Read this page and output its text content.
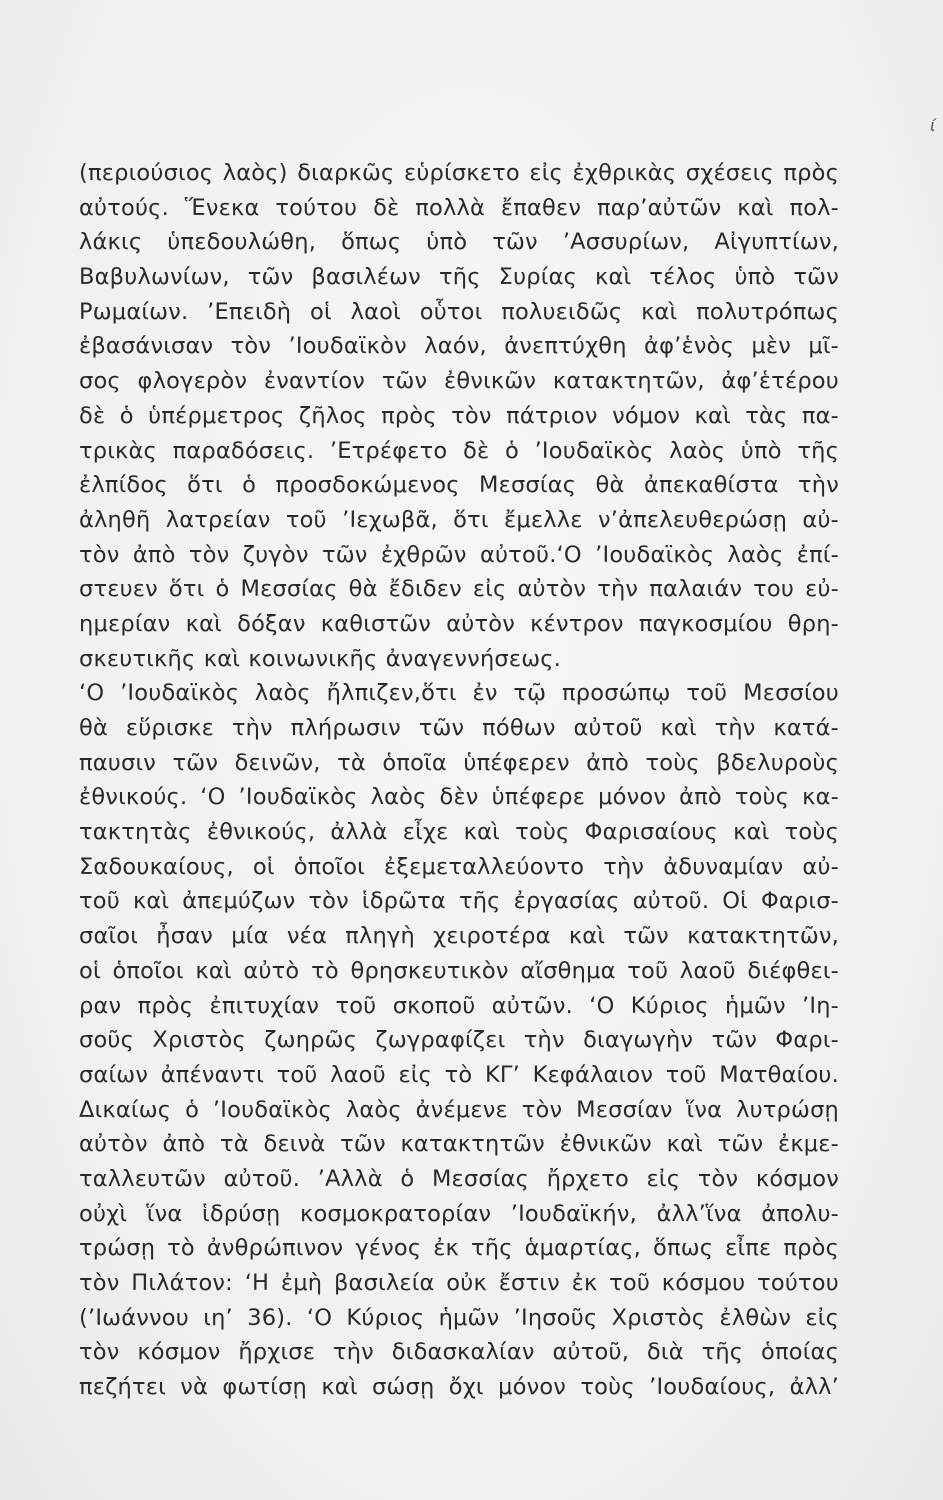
ί
(περιούσιος λαὸς) διαρκῶς εὑρίσκετο εἰς ἐχθρικὰς σχέσεις πρὸς
αὐτούς. Ἕνεκα τούτου δὲ πολλὰ ἔπαθεν παρ’αὐτῶν καὶ πολ-
λάκις ὑπεδουλώθη, ὅπως ὑπὸ τῶν ’Ασσυρίων, Αἰγυπτίων,
Βαβυλωνίων, τῶν βασιλέων τῆς Συρίας καὶ τέλος ὑπὸ τῶν
Ρωμαίων. ’Επειδὴ οἱ λαοὶ οὗτοι πολυειδῶς καὶ πολυτρόπως
ἐβασάνισαν τὸν ’Ιουδαϊκὸν λαόν, ἀνεπτύχθη ἀφ’ἑνὸς μὲν μῖ-
σος φλογερὸν ἐναντίον τῶν ἐθνικῶν κατακτητῶν, ἀφ’ἑτέρου
δὲ ὁ ὑπέρμετρος ζῆλος πρὸς τὸν πάτριον νόμον καὶ τὰς πα-
τρικὰς παραδόσεις. ’Ετρέφετο δὲ ὁ ’Ιουδαϊκὸς λαὸς ὑπὸ τῆς
ἐλπίδος ὅτι ὁ προσδοκώμενος Μεσσίας θὰ ἀπεκαθίστα τὴν
ἀληθῆ λατρείαν τοῦ ’Ιεχωβᾶ, ὅτι ἔμελλε ν’ἀπελευθερώσῃ αὐ-
τὸν ἀπὸ τὸν ζυγὸν τῶν ἐχθρῶν αὐτοῦ.‘Ο ’Ιουδαϊκὸς λαὸς ἐπί-
στευεν ὅτι ὁ Μεσσίας θὰ ἔδιδεν εἰς αὐτὸν τὴν παλαιάν του εὐ-
ημερίαν καὶ δόξαν καθιστῶν αὐτὸν κέντρον παγκοσμίου θρη-
σκευτικῆς καὶ κοινωνικῆς ἀναγεννήσεως.
‘Ο ’Ιουδαϊκὸς λαὸς ἤλπιζεν,ὅτι ἐν τῷ προσώπῳ τοῦ Μεσσίου
θὰ εὕρισκε τὴν πλήρωσιν τῶν πόθων αὐτοῦ καὶ τὴν κατά-
παυσιν τῶν δεινῶν, τὰ ὁποῖα ὑπέφερεν ἀπὸ τοὺς βδελυροὺς
ἐθνικούς. ‘Ο ’Ιουδαϊκὸς λαὸς δὲν ὑπέφερε μόνον ἀπὸ τοὺς κα-
τακτητὰς ἐθνικούς, ἀλλὰ εἶχε καὶ τοὺς Φαρισαίους καὶ τοὺς
Σαδουκαίους, οἱ ὁποῖοι ἐξεμεταλλεύοντο τὴν ἀδυναμίαν αὐ-
τοῦ καὶ ἀπεμύζων τὸν ἱδρῶτα τῆς ἐργασίας αὐτοῦ. Οἱ Φαρισ-
σαῖοι ἦσαν μία νέα πληγὴ χειροτέρα καὶ τῶν κατακτητῶν,
οἱ ὁποῖοι καὶ αὐτὸ τὸ θρησκευτικὸν αἴσθημα τοῦ λαοῦ διέφθει-
ραν πρὸς ἐπιτυχίαν τοῦ σκοποῦ αὐτῶν. ‘Ο Κύριος ἡμῶν ’Ιη-
σοῦς Χριστὸς ζωηρῶς ζωγραφίζει τὴν διαγωγὴν τῶν Φαρι-
σαίων ἀπέναντι τοῦ λαοῦ εἰς τὸ ΚΓ’ Κεφάλαιον τοῦ Ματθαίου.
Δικαίως ὁ ’Ιουδαϊκὸς λαὸς ἀνέμενε τὸν Μεσσίαν ἵνα λυτρώσῃ
αὐτὸν ἀπὸ τὰ δεινὰ τῶν κατακτητῶν ἐθνικῶν καὶ τῶν ἐκμε-
ταλλευτῶν αὐτοῦ. ’Αλλὰ ὁ Μεσσίας ἤρχετο εἰς τὸν κόσμον
οὐχὶ ἵνα ἱδρύσῃ κοσμοκρατορίαν ’Ιουδαϊκήν, ἀλλ’ἵνα ἀπολυ-
τρώσῃ τὸ ἀνθρώπινον γένος ἐκ τῆς ἁμαρτίας, ὅπως εἶπε πρὸς
τὸν Πιλάτον: ‘Η ἐμὴ βασιλεία οὐκ ἔστιν ἐκ τοῦ κόσμου τούτου
(’Ιωάννου ιη’ 36). ‘Ο Κύριος ἡμῶν ’Ιησοῦς Χριστὸς ἐλθὼν εἰς
τὸν κόσμον ἤρχισε τὴν διδασκαλίαν αὐτοῦ, διὰ τῆς ὁποίας
πεζήτει νὰ φωτίσῃ καὶ σώσῃ ὄχι μόνον τοὺς ’Ιουδαίους, ἀλλ’
